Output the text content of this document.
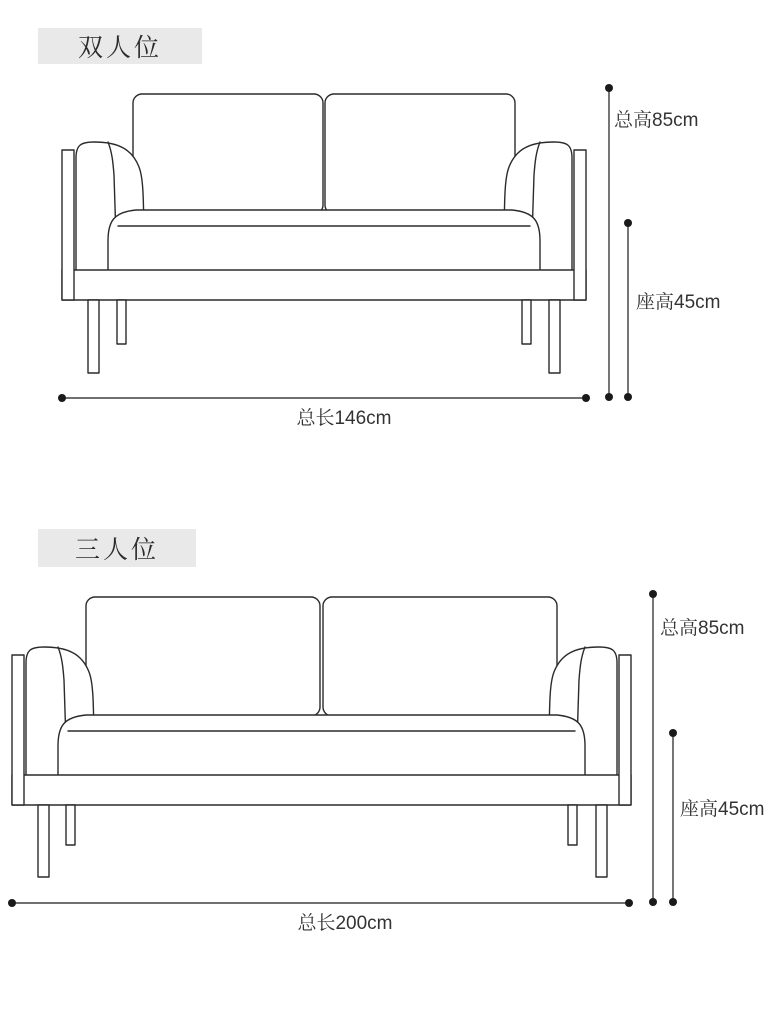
双人位
三人位
总高85cm
座高45cm
总长146cm
总高85cm
座高45cm
总长200cm
